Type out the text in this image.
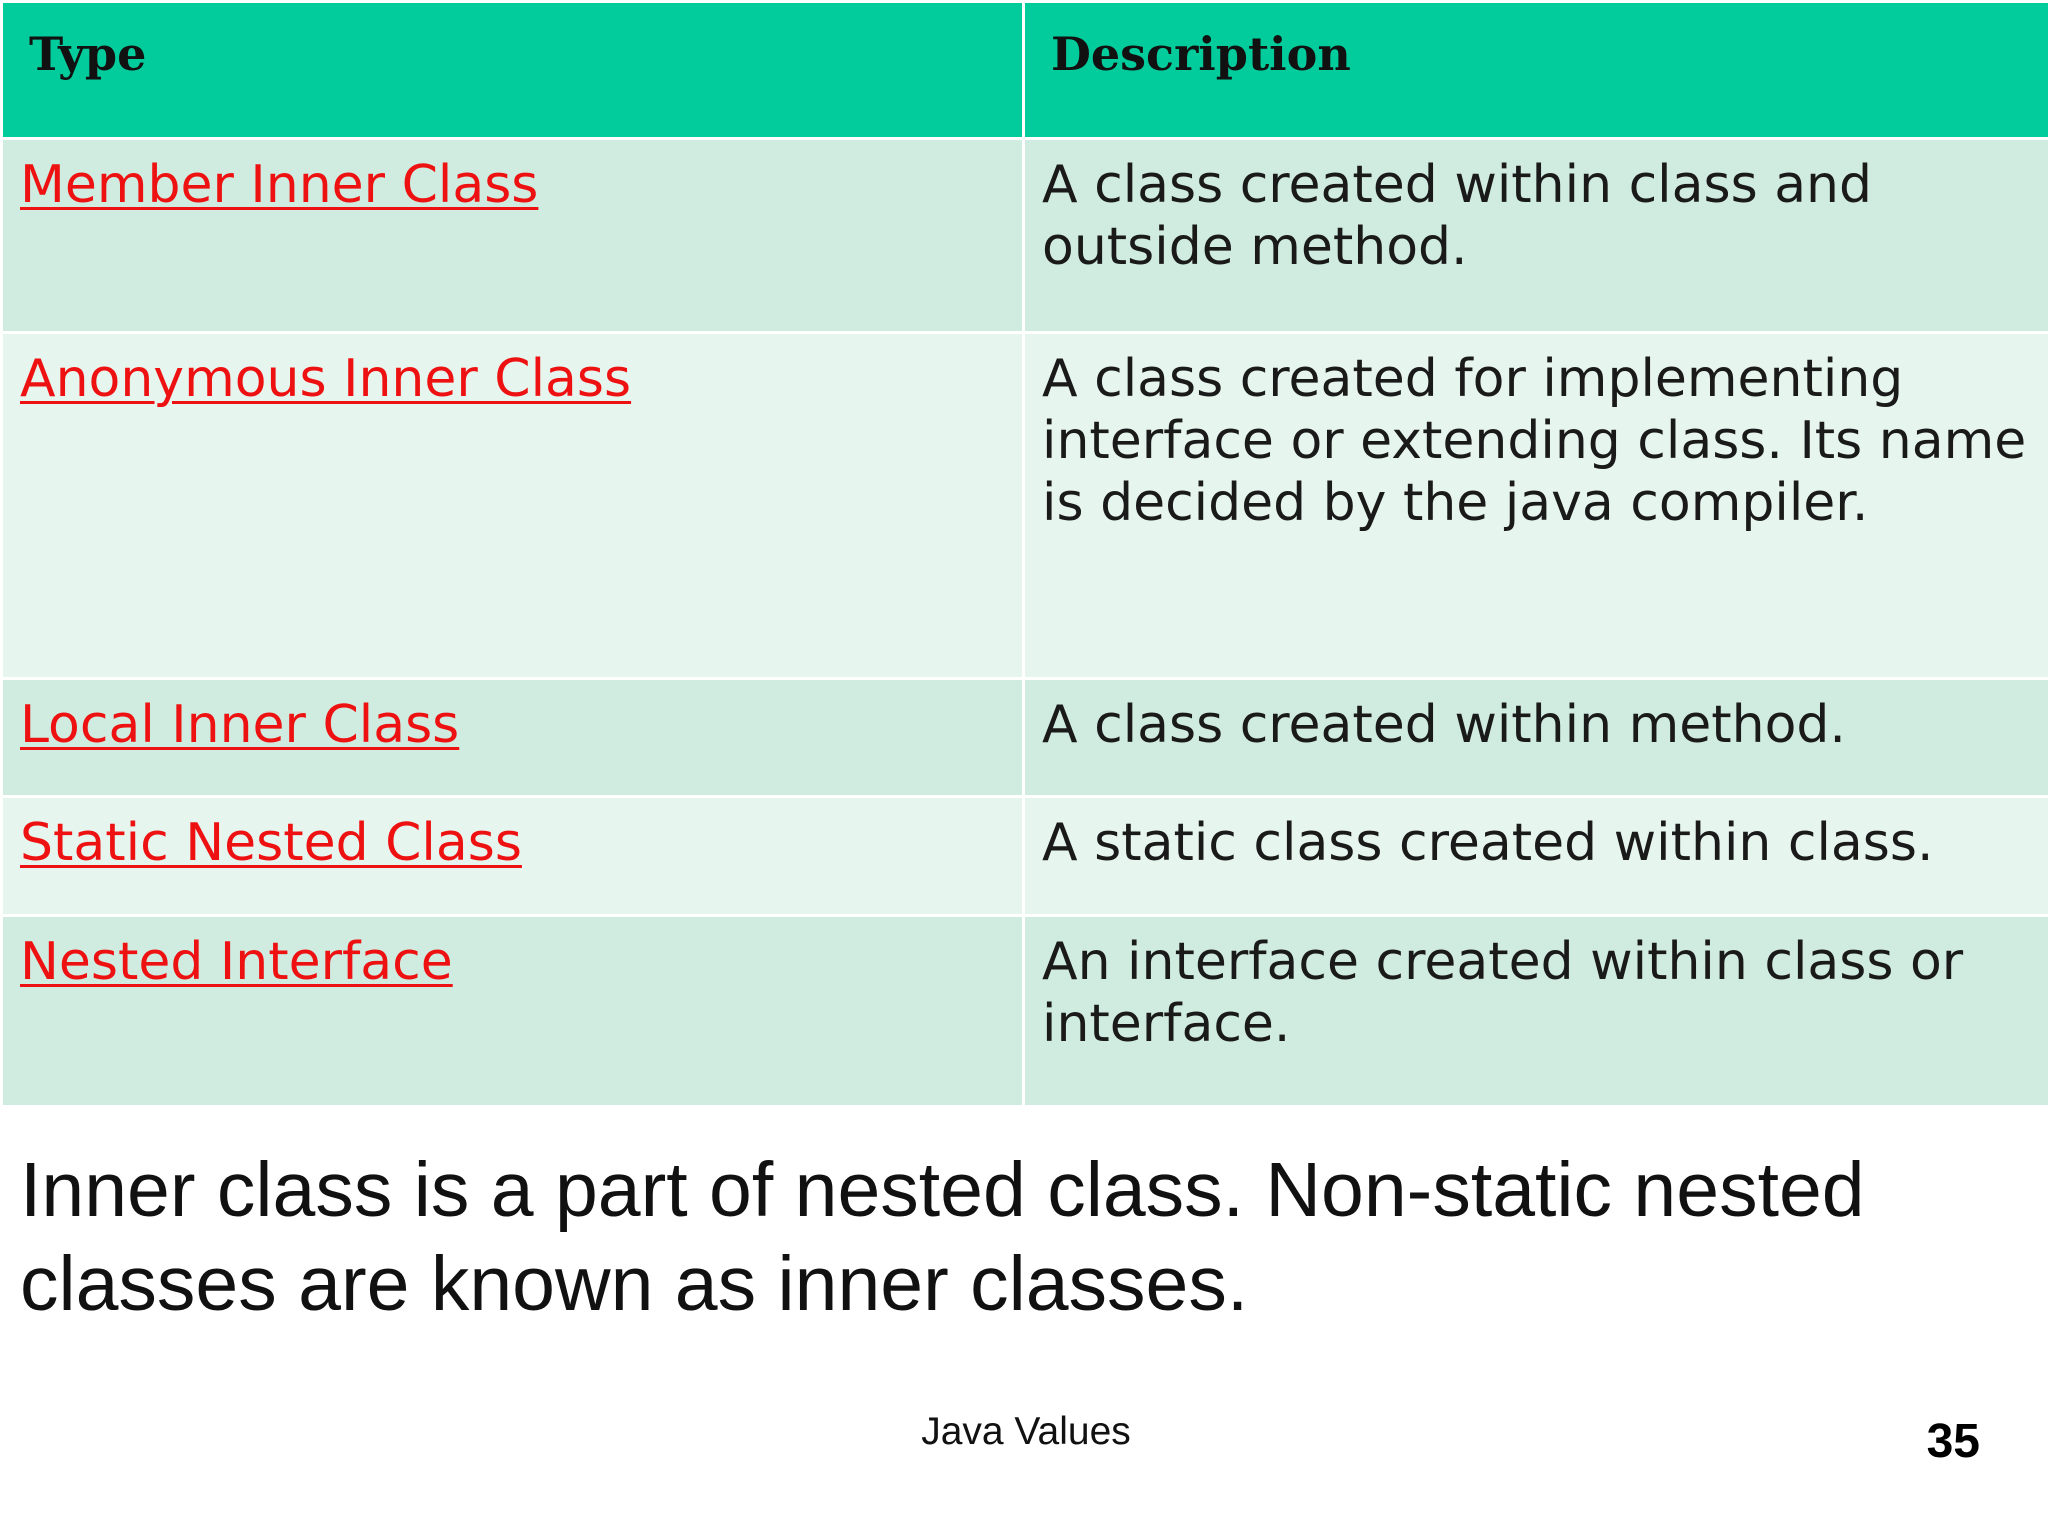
Type	Description
Member Inner Class	A class created within class and outside method.
Anonymous Inner Class	A class created for implementing interface or extending class. Its name is decided by the java compiler.
Local Inner Class	A class created within method.
Static Nested Class	A static class created within class.
Nested Interface	An interface created within class or interface.

Inner class is a part of nested class. Non-static nested classes are known as inner classes.

Java Values	35
